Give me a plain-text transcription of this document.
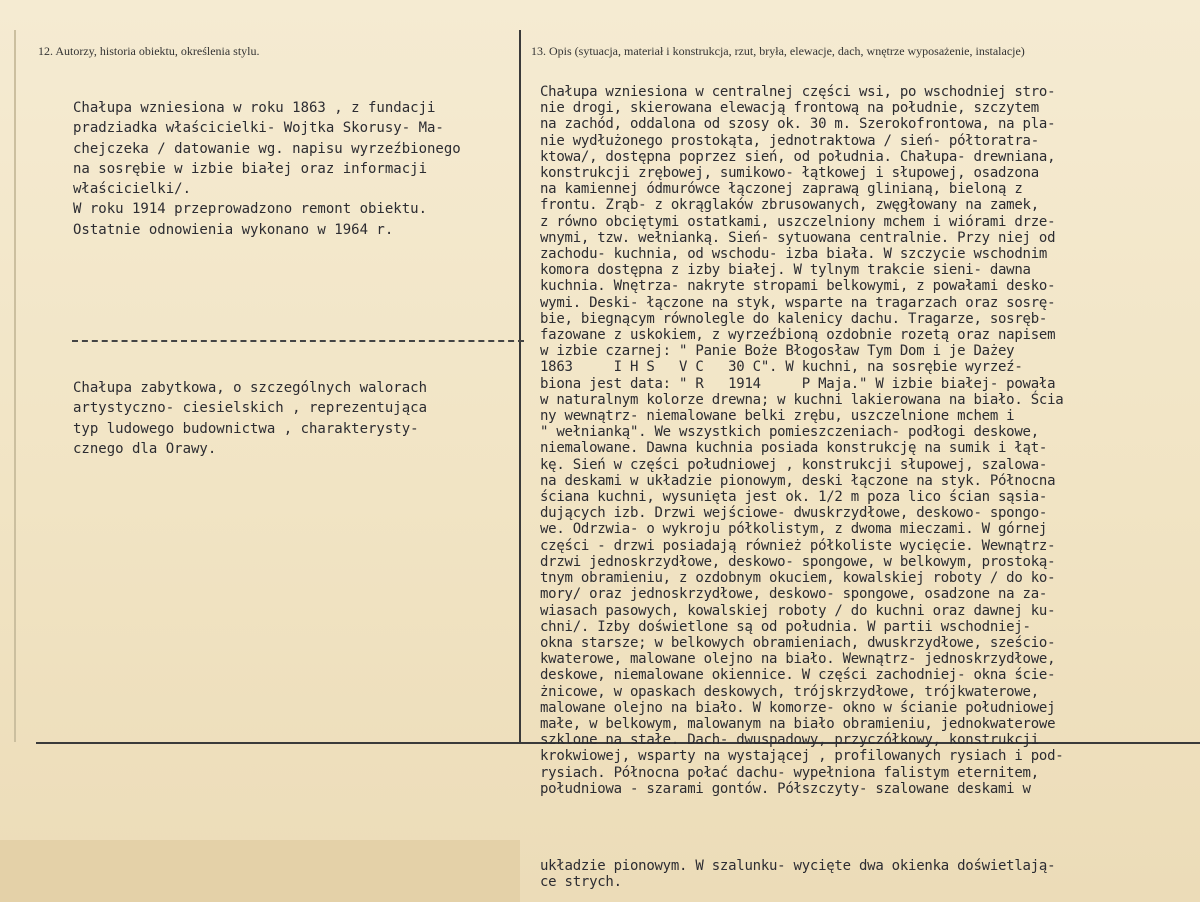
12. Autorzy, historia obiektu, określenia stylu.	13. Opis (sytuacja, materiał i konstrukcja, rzut, bryła, elewacje, dach, wnętrze wyposażenie, instalacje)
Chałupa wzniesiona w roku 1863 , z fundacji
pradziadka właścicielki- Wojtka Skorusy- Ma-
chejczeka / datowanie wg. napisu wyrzeźbionego
na sosrębie w izbie białej oraz informacji
właścicielki/.
W roku 1914 przeprowadzono remont obiektu.
Ostatnie odnowienia wykonano w 1964 r.
Chałupa zabytkowa, o szczególnych walorach
artystyczno- ciesielskich , reprezentująca
typ ludowego budownictwa , charakterysty-
cznego dla Orawy.
Chałupa wzniesiona w centralnej części wsi, po wschodniej stro-
nie drogi, skierowana elewacją frontową na południe, szczytem
na zachód, oddalona od szosy ok. 30 m. Szerokofrontowa, na pla-
nie wydłużonego prostokąta, jednotraktowa / sień- półtoratra-
ktowa/, dostępna poprzez sień, od południa. Chałupa- drewniana,
konstrukcji zrębowej, sumikowo- łątkowej i słupowej, osadzona
na kamiennej ódmurówce łączonej zaprawą glinianą, bieloną z
frontu. Zrąb- z okrąglaków zbrusowanych, zwęgłowany na zamek,
z równo obciętymi ostatkami, uszczelniony mchem i wiórami drze-
wnymi, tzw. wełnianką. Sień- sytuowana centralnie. Przy niej od
zachodu- kuchnia, od wschodu- izba biała. W szczycie wschodnim
komora dostępna z izby białej. W tylnym trakcie sieni- dawna
kuchnia. Wnętrza- nakryte stropami belkowymi, z powałami desko-
wymi. Deski- łączone na styk, wsparte na tragarzach oraz sosrę-
bie, biegnącym równolegle do kalenicy dachu. Tragarze, sosręb-
fazowane z uskokiem, z wyrzeźbioną ozdobnie rozetą oraz napisem
w izbie czarnej: " Panie Boże Błogosław Tym Dom i je Dażey
1863     I H S   V C   30 C". W kuchni, na sosrębie wyrzeź-
biona jest data: " R   1914     P Maja." W izbie białej- powała
w naturalnym kolorze drewna; w kuchni lakierowana na biało. Ścia
ny wewnątrz- niemalowane belki zrębu, uszczelnione mchem i
" wełnianką". We wszystkich pomieszczeniach- podłogi deskowe,
niemalowane. Dawna kuchnia posiada konstrukcję na sumik i łąt-
kę. Sień w części południowej , konstrukcji słupowej, szalowa-
na deskami w układzie pionowym, deski łączone na styk. Północna
ściana kuchni, wysunięta jest ok. 1/2 m poza lico ścian sąsia-
dujących izb. Drzwi wejściowe- dwuskrzydłowe, deskowo- spongo-
we. Odrzwia- o wykroju półkolistym, z dwoma mieczami. W górnej
części - drzwi posiadają również półkoliste wycięcie. Wewnątrz-
drzwi jednoskrzydłowe, deskowo- spongowe, w belkowym, prostoką-
tnym obramieniu, z ozdobnym okuciem, kowalskiej roboty / do ko-
mory/ oraz jednoskrzydłowe, deskowo- spongowe, osadzone na za-
wiasach pasowych, kowalskiej roboty / do kuchni oraz dawnej ku-
chni/. Izby doświetlone są od południa. W partii wschodniej-
okna starsze; w belkowych obramieniach, dwuskrzydłowe, sześcio-
kwaterowe, malowane olejno na biało. Wewnątrz- jednoskrzydłowe,
deskowe, niemalowane okiennice. W części zachodniej- okna ście-
żnicowe, w opaskach deskowych, trójskrzydłowe, trójkwaterowe,
malowane olejno na biało. W komorze- okno w ścianie południowej
małe, w belkowym, malowanym na biało obramieniu, jednokwaterowe
szklone na stałe. Dach- dwuspadowy, przyczółkowy, konstrukcji
krokwiowej, wsparty na wystającej , profilowanych rysiach i pod-
rysiach. Północna połać dachu- wypełniona falistym eternitem,
południowa - szarami gontów. Półszczyty- szalowane deskami w
układzie pionowym. W szalunku- wycięte dwa okienka doświetlają-
ce strych.
